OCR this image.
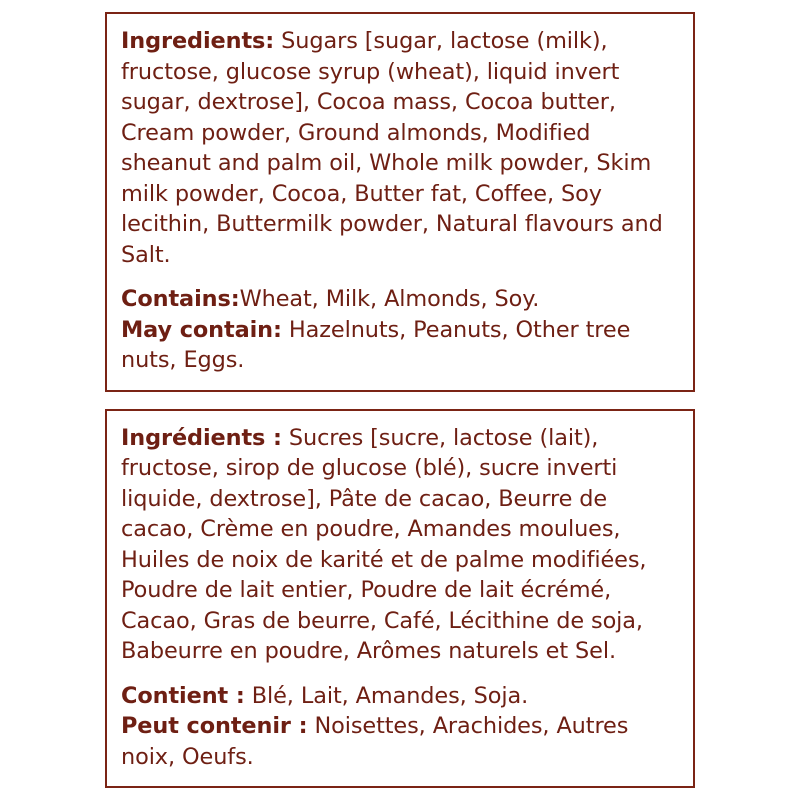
Ingredients: Sugars [sugar, lactose (milk), fructose, glucose syrup (wheat), liquid invert sugar, dextrose], Cocoa mass, Cocoa butter, Cream powder, Ground almonds, Modified sheanut and palm oil, Whole milk powder, Skim milk powder, Cocoa, Butter fat, Coffee, Soy lecithin, Buttermilk powder, Natural flavours and Salt.

Contains:Wheat, Milk, Almonds, Soy.

May contain: Hazelnuts, Peanuts, Other tree nuts, Eggs.

Ingrédients : Sucres [sucre, lactose (lait), fructose, sirop de glucose (blé), sucre inverti liquide, dextrose], Pâte de cacao, Beurre de cacao, Crème en poudre, Amandes moulues, Huiles de noix de karité et de palme modifiées, Poudre de lait entier, Poudre de lait écrémé, Cacao, Gras de beurre, Café, Lécithine de soja, Babeurre en poudre, Arômes naturels et Sel.

Contient : Blé, Lait, Amandes, Soja.

Peut contenir : Noisettes, Arachides, Autres noix, Oeufs.
